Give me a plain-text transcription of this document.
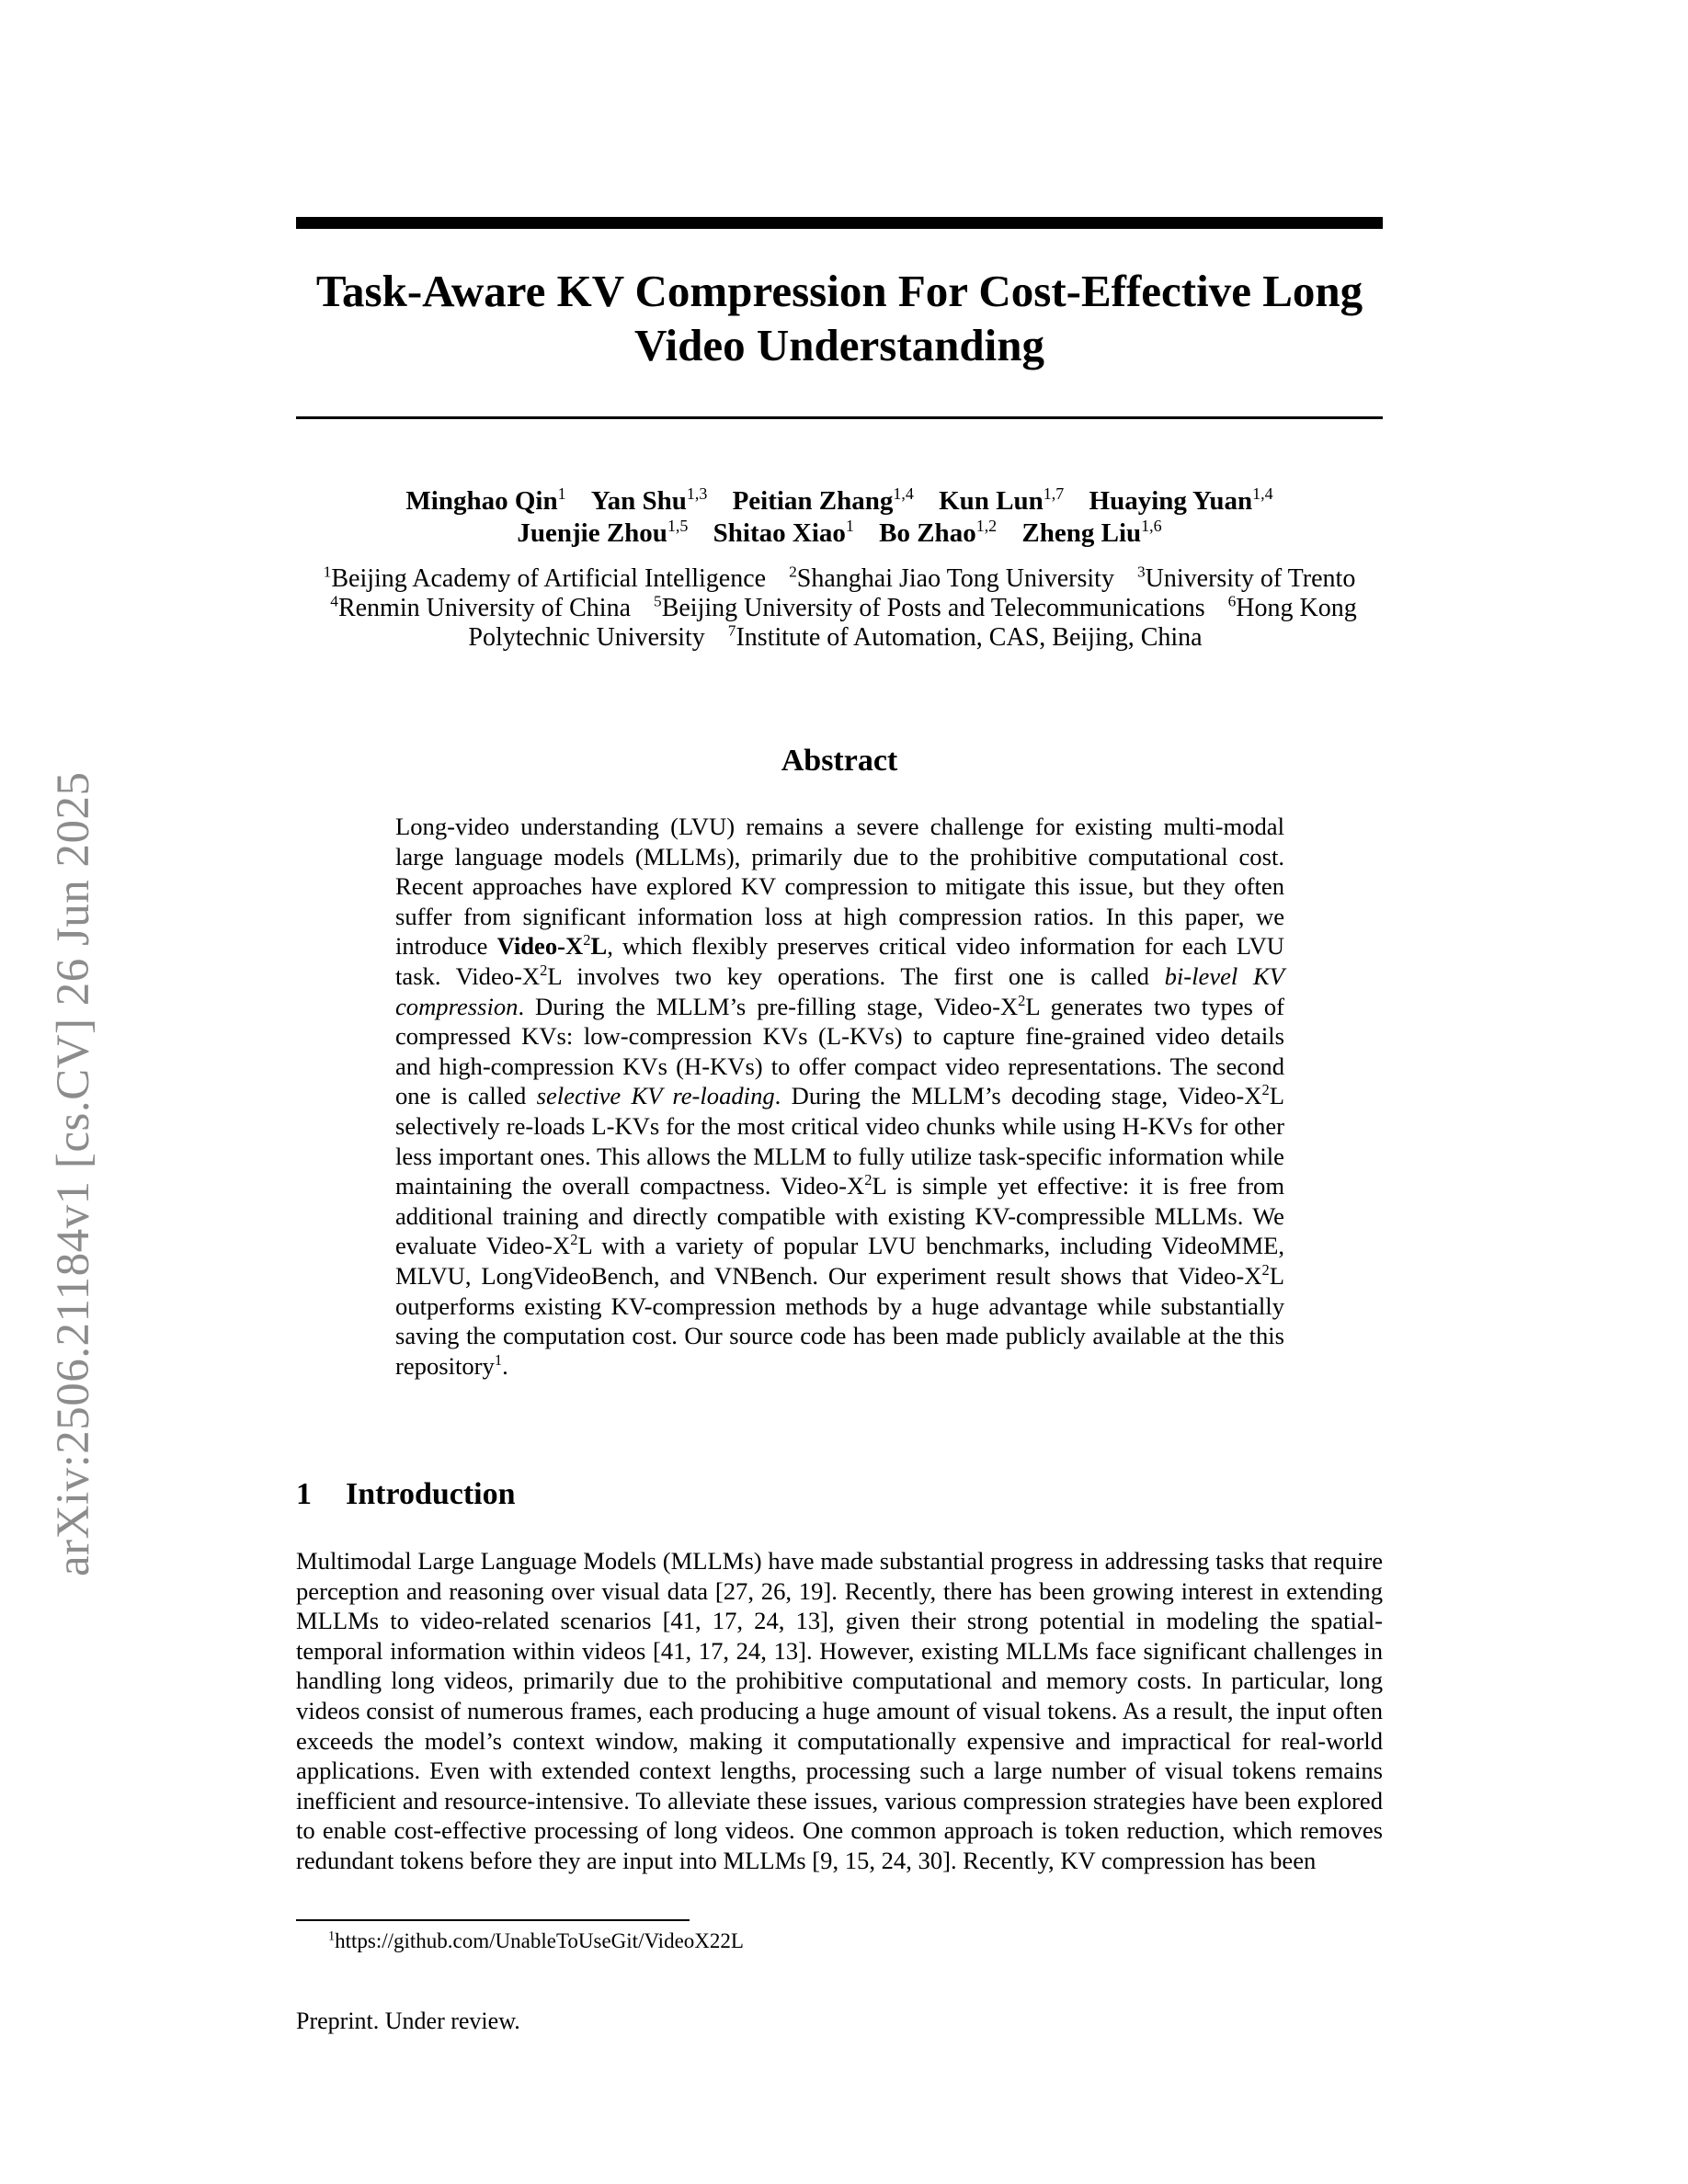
arXiv:2506.21184v1 [cs.CV] 26 Jun 2025
Task-Aware KV Compression For Cost-Effective Long Video Understanding
Minghao Qin$^1$ Yan Shu$^{1,3}$ Peitian Zhang$^{1,4}$ Kun Lun$^{1,7}$ Huaying Yuan$^{1,4}$ Juenjie Zhou$^{1,5}$ Shitao Xiao$^1$ Bo Zhao$^{1,2}$ Zheng Liu$^{1,6}$
$^1$Beijing Academy of Artificial Intelligence $^2$Shanghai Jiao Tong University $^3$University of Trento $^4$Renmin University of China $^5$Beijing University of Posts and Telecommunications $^6$Hong Kong Polytechnic University $^7$Institute of Automation, CAS, Beijing, China
Abstract
Long-video understanding (LVU) remains a severe challenge for existing multi-modal large language models (MLLMs), primarily due to the prohibitive computational cost. Recent approaches have explored KV compression to mitigate this issue, but they often suffer from significant information loss at high compression ratios. In this paper, we introduce Video-$X^2L$, which flexibly preserves critical video information for each LVU task. Video-$X^2L$ involves two key operations. The first one is called bi-level KV compression. During the MLLM’s pre-filling stage, Video-$X^2L$ generates two types of compressed KVs: low-compression KVs (L-KVs) to capture fine-grained video details and high-compression KVs (H-KVs) to offer compact video representations. The second one is called selective KV re-loading. During the MLLM’s decoding stage, Video-$X^2L$ selectively re-loads L-KVs for the most critical video chunks while using H-KVs for other less important ones. This allows the MLLM to fully utilize task-specific information while maintaining the overall compactness. Video-$X^2L$ is simple yet effective: it is free from additional training and directly compatible with existing KV-compressible MLLMs. We evaluate Video-$X^2L$ with a variety of popular LVU benchmarks, including VideoMME, MLVU, LongVideoBench, and VNBench. Our experiment result shows that Video-$X^2L$ outperforms existing KV-compression methods by a huge advantage while substantially saving the computation cost. Our source code has been made publicly available at the this repository$^1$.
1 Introduction
Multimodal Large Language Models (MLLMs) have made substantial progress in addressing tasks that require perception and reasoning over visual data [27, 26, 19]. Recently, there has been growing interest in extending MLLMs to video-related scenarios [41, 17, 24, 13], given their strong potential in modeling the spatial-temporal information within videos [41, 17, 24, 13]. However, existing MLLMs face significant challenges in handling long videos, primarily due to the prohibitive computational and memory costs. In particular, long videos consist of numerous frames, each producing a huge amount of visual tokens. As a result, the input often exceeds the model’s context window, making it computationally expensive and impractical for real-world applications. Even with extended context lengths, processing such a large number of visual tokens remains inefficient and resource-intensive. To alleviate these issues, various compression strategies have been explored to enable cost-effective processing of long videos. One common approach is token reduction, which removes redundant tokens before they are input into MLLMs [9, 15, 24, 30]. Recently, KV compression has been
$^1$https://github.com/UnableToUseGit/VideoX22L
Preprint. Under review.
